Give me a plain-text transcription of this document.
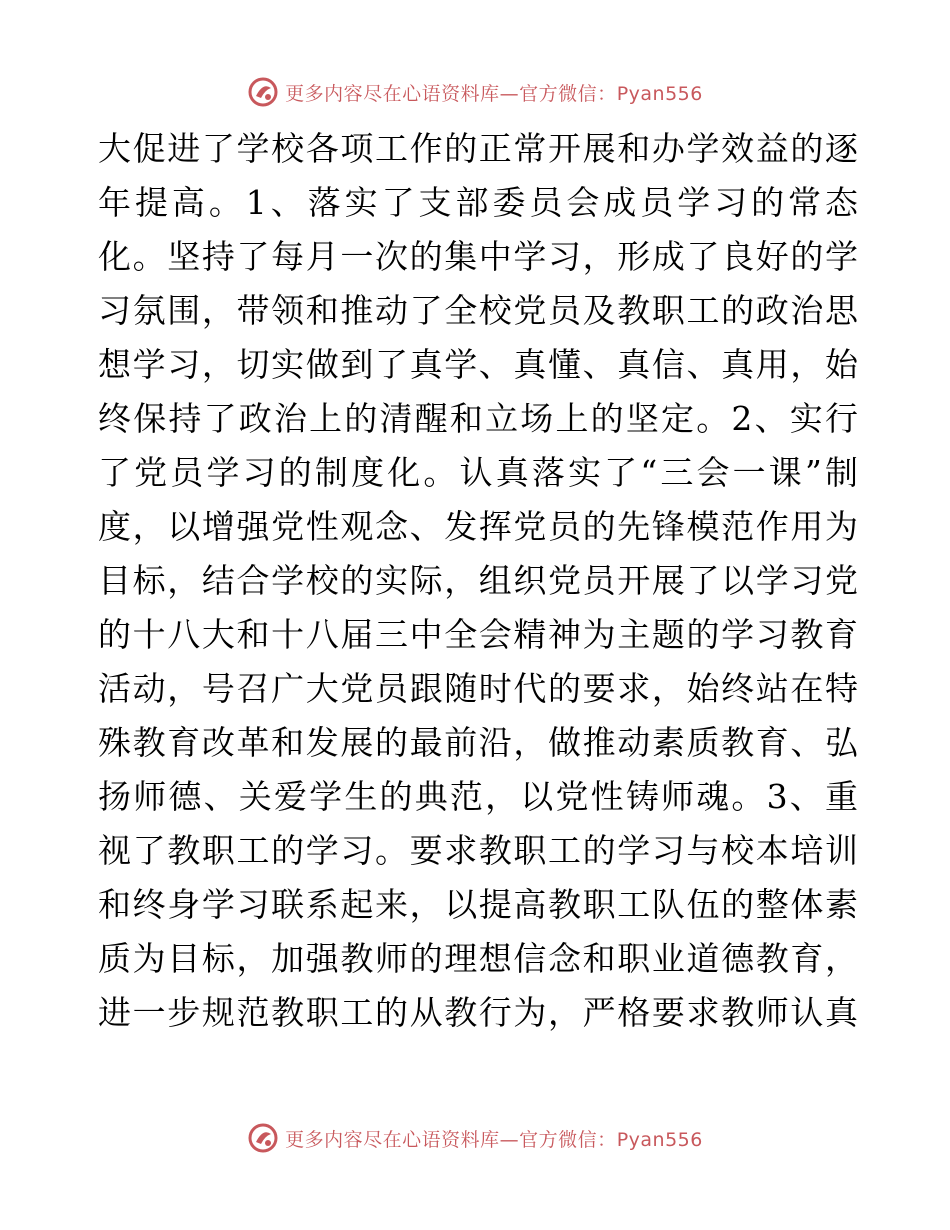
更多内容尽在心语资料库—官方微信：Pyan556
大促进了学校各项工作的正常开展和办学效益的逐
年提高。1、落实了支部委员会成员学习的常态
化。坚持了每月一次的集中学习，形成了良好的学
习氛围，带领和推动了全校党员及教职工的政治思
想学习，切实做到了真学、真懂、真信、真用，始
终保持了政治上的清醒和立场上的坚定。2、实行
了党员学习的制度化。认真落实了“三会一课”制
度，以增强党性观念、发挥党员的先锋模范作用为
目标，结合学校的实际，组织党员开展了以学习党
的十八大和十八届三中全会精神为主题的学习教育
活动，号召广大党员跟随时代的要求，始终站在特
殊教育改革和发展的最前沿，做推动素质教育、弘
扬师德、关爱学生的典范，以党性铸师魂。3、重
视了教职工的学习。要求教职工的学习与校本培训
和终身学习联系起来，以提高教职工队伍的整体素
质为目标，加强教师的理想信念和职业道德教育，
进一步规范教职工的从教行为，严格要求教师认真
更多内容尽在心语资料库—官方微信：Pyan556
